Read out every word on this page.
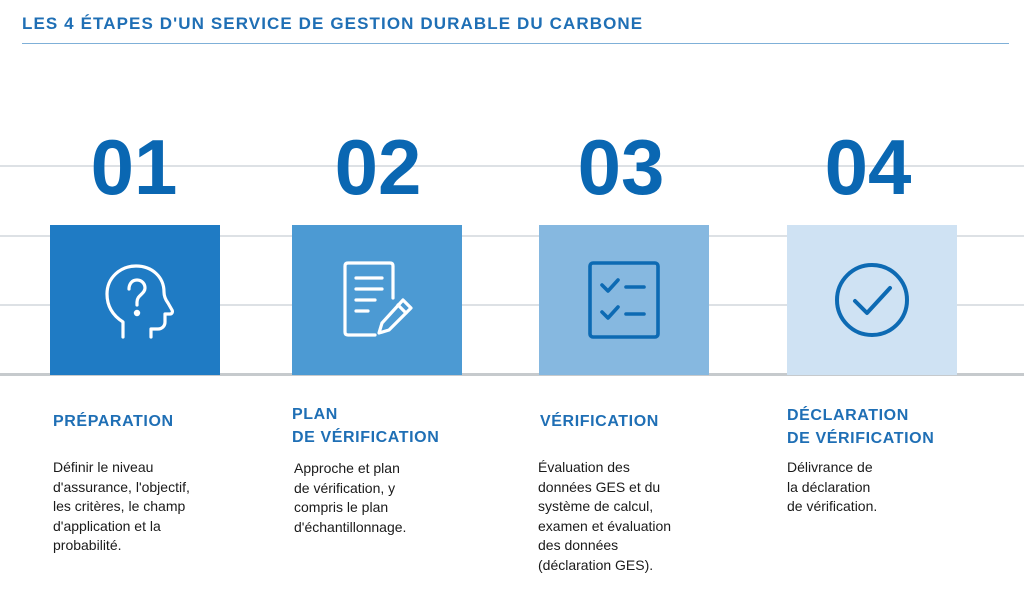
LES 4 ÉTAPES D'UN SERVICE DE GESTION DURABLE DU CARBONE
01
PRÉPARATION
Définir le niveau
d'assurance, l'objectif,
les critères, le champ
d'application et la
probabilité.
02
PLAN
DE VÉRIFICATION
Approche et plan
de vérification, y
compris le plan
d'échantillonnage.
03
VÉRIFICATION
Évaluation des
données GES et du
système de calcul,
examen et évaluation
des données
(déclaration GES).
04
DÉCLARATION
DE VÉRIFICATION
Délivrance de
la déclaration
de vérification.
